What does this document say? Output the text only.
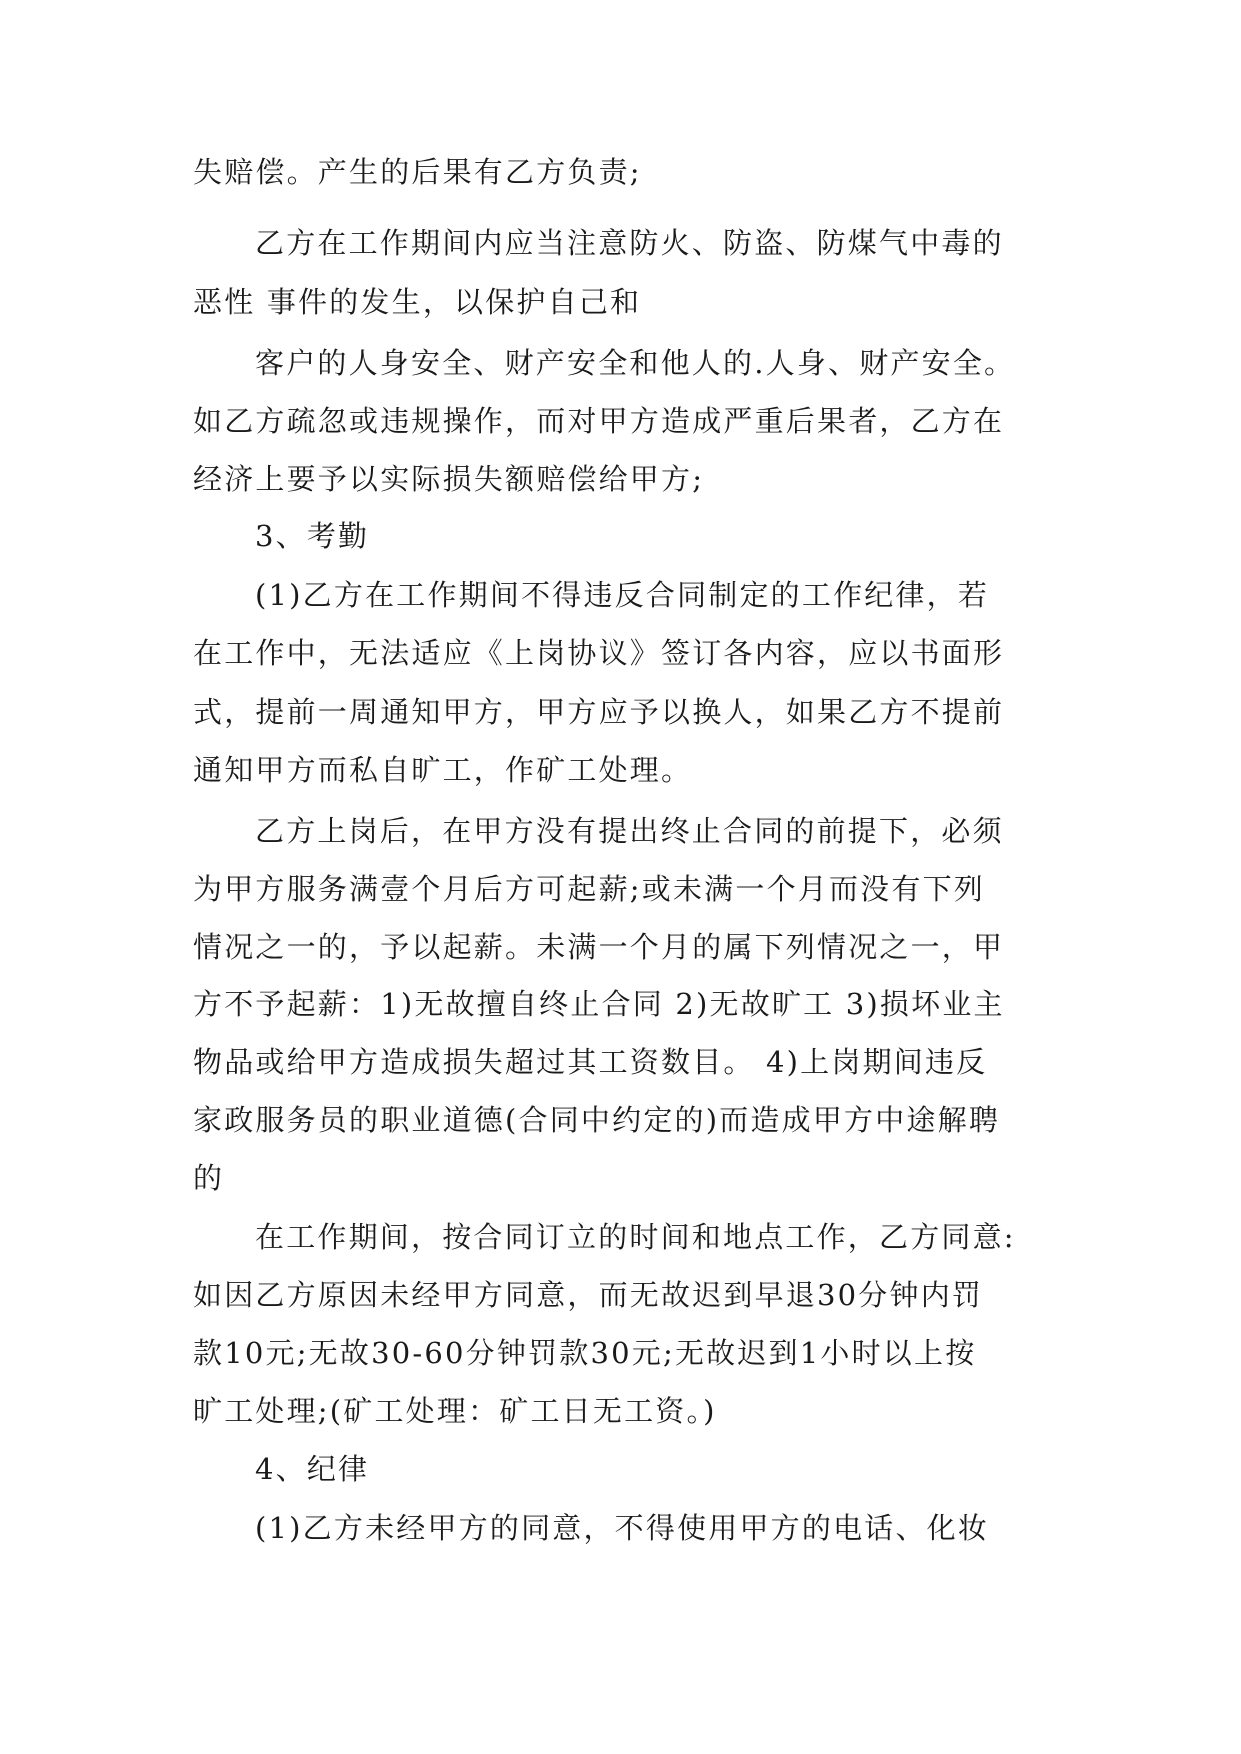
失赔偿。产生的后果有乙方负责;
乙方在工作期间内应当注意防火、防盗、防煤气中毒的
恶性 事件的发生，以保护自己和
客户的人身安全、财产安全和他人的.人身、财产安全。
如乙方疏忽或违规操作，而对甲方造成严重后果者，乙方在
经济上要予以实际损失额赔偿给甲方;
3、考勤
(1)乙方在工作期间不得违反合同制定的工作纪律，若
在工作中，无法适应《上岗协议》签订各内容，应以书面形
式，提前一周通知甲方，甲方应予以换人，如果乙方不提前
通知甲方而私自旷工，作矿工处理。
乙方上岗后，在甲方没有提出终止合同的前提下，必须
为甲方服务满壹个月后方可起薪;或未满一个月而没有下列
情况之一的，予以起薪。未满一个月的属下列情况之一，甲
方不予起薪：1)无故擅自终止合同 2)无故旷工 3)损坏业主
物品或给甲方造成损失超过其工资数目。 4)上岗期间违反
家政服务员的职业道德(合同中约定的)而造成甲方中途解聘
的
在工作期间，按合同订立的时间和地点工作，乙方同意:
如因乙方原因未经甲方同意，而无故迟到早退30分钟内罚
款10元;无故30-60分钟罚款30元;无故迟到1小时以上按
旷工处理;(矿工处理：矿工日无工资。)
4、纪律
(1)乙方未经甲方的同意，不得使用甲方的电话、化妆
